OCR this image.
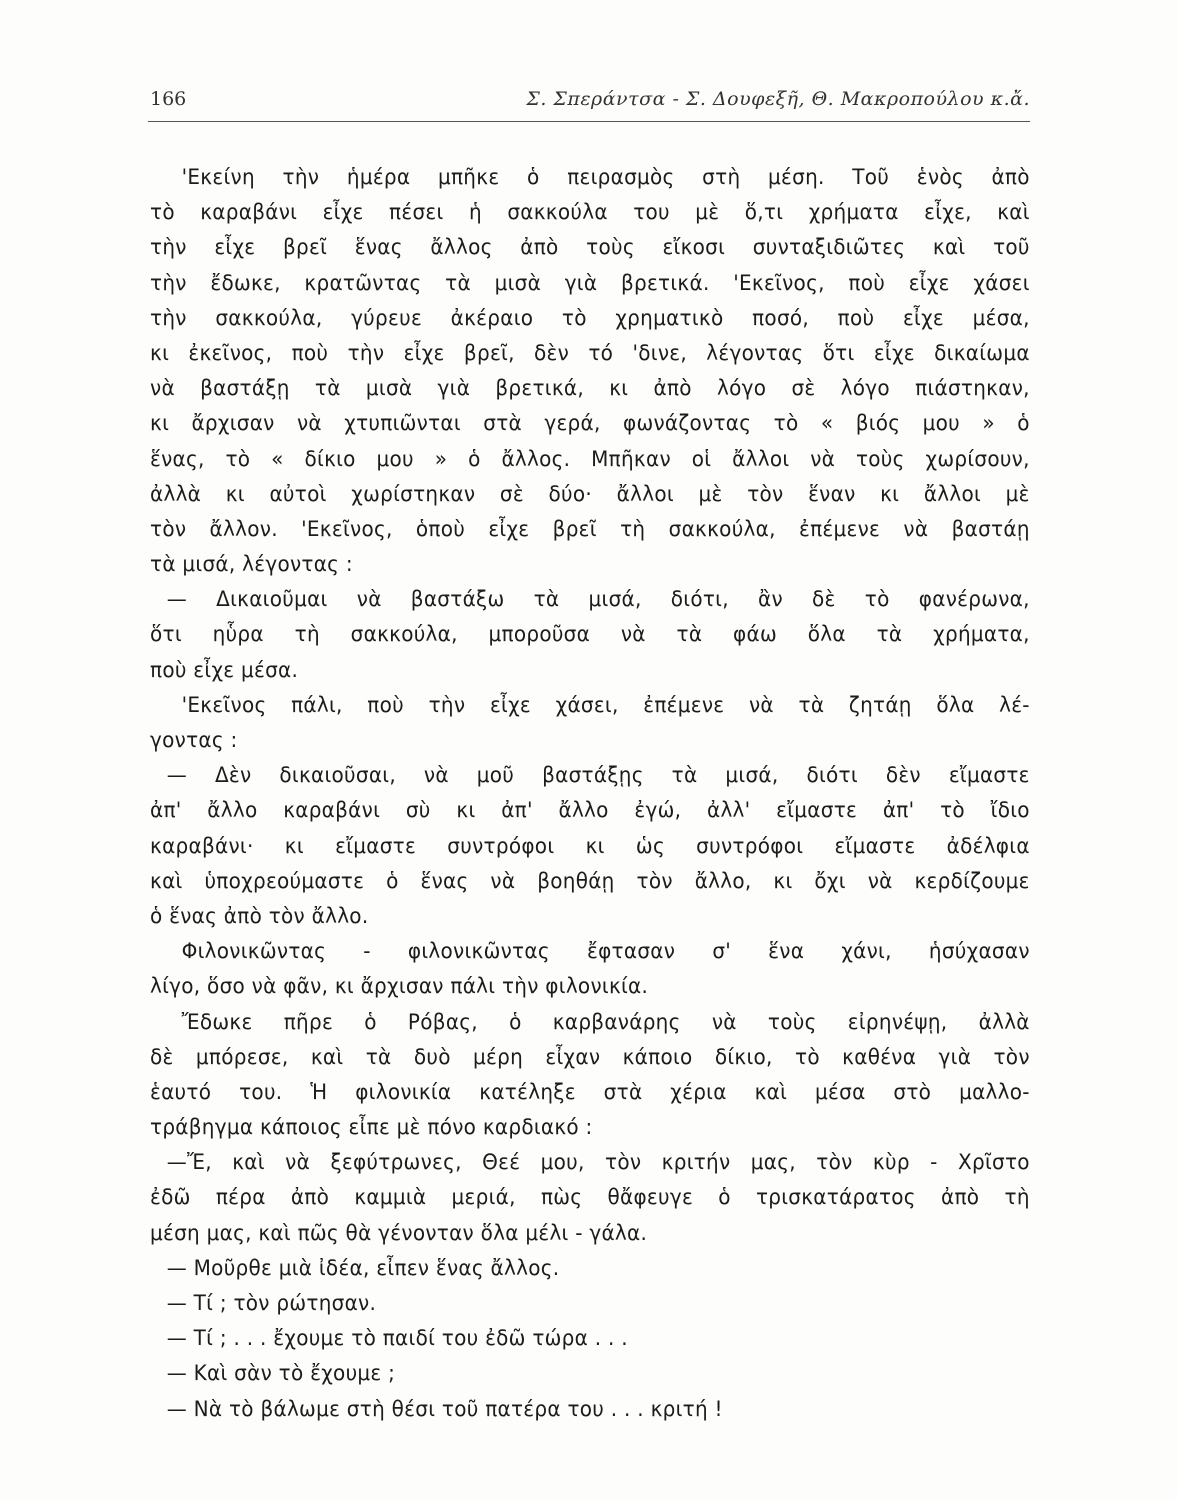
166	Σ. Σπεράντσα - Σ. Δουφεξῆ, Θ. Μακροπούλου κ.ἄ.
'Εκείνη τὴν ἡμέρα μπῆκε ὁ πειρασμὸς στὴ μέση. Τοῦ ἑνὸς ἀπὸ
τὸ καραβάνι εἶχε πέσει ἡ σακκούλα του μὲ ὅ,τι χρήματα εἶχε, καὶ
τὴν εἶχε βρεῖ ἕνας ἄλλος ἀπὸ τοὺς εἴκοσι συνταξιδιῶτες καὶ τοῦ
τὴν ἔδωκε, κρατῶντας τὰ μισὰ γιὰ βρετικά. 'Εκεῖνος, ποὺ εἶχε χάσει
τὴν σακκούλα, γύρευε ἀκέραιο τὸ χρηματικὸ ποσό, ποὺ εἶχε μέσα,
κι ἐκεῖνος, ποὺ τὴν εἶχε βρεῖ, δὲν τό 'δινε, λέγοντας ὅτι εἶχε δικαίωμα
νὰ βαστάξῃ τὰ μισὰ γιὰ βρετικά, κι ἀπὸ λόγο σὲ λόγο πιάστηκαν,
κι ἄρχισαν νὰ χτυπιῶνται στὰ γερά, φωνάζοντας τὸ « βιός μου » ὁ
ἕνας, τὸ « δίκιο μου » ὁ ἄλλος. Μπῆκαν οἱ ἄλλοι νὰ τοὺς χωρίσουν,
ἀλλὰ κι αὐτοὶ χωρίστηκαν σὲ δύο· ἄλλοι μὲ τὸν ἕναν κι ἄλλοι μὲ
τὸν ἄλλον. 'Εκεῖνος, ὁποὺ εἶχε βρεῖ τὴ σακκούλα, ἐπέμενε νὰ βαστάῃ
τὰ μισά, λέγοντας :
— Δικαιοῦμαι νὰ βαστάξω τὰ μισά, διότι, ἂν δὲ τὸ φανέρωνα,
ὅτι ηὗρα τὴ σακκούλα, μποροῦσα νὰ τὰ φάω ὅλα τὰ χρήματα,
ποὺ εἶχε μέσα.
'Εκεῖνος πάλι, ποὺ τὴν εἶχε χάσει, ἐπέμενε νὰ τὰ ζητάῃ ὅλα λέ-
γοντας :
— Δὲν δικαιοῦσαι, νὰ μοῦ βαστάξῃς τὰ μισά, διότι δὲν εἴμαστε
ἀπ' ἄλλο καραβάνι σὺ κι ἀπ' ἄλλο ἐγώ, ἀλλ' εἴμαστε ἀπ' τὸ ἴδιο
καραβάνι· κι εἴμαστε συντρόφοι κι ὡς συντρόφοι εἴμαστε ἀδέλφια
καὶ ὑποχρεούμαστε ὁ ἕνας νὰ βοηθάῃ τὸν ἄλλο, κι ὄχι νὰ κερδίζουμε
ὁ ἕνας ἀπὸ τὸν ἄλλο.
Φιλονικῶντας - φιλονικῶντας ἔφτασαν σ' ἕνα χάνι, ἡσύχασαν
λίγο, ὅσο νὰ φᾶν, κι ἄρχισαν πάλι τὴν φιλονικία.
Ἔδωκε πῆρε ὁ Ρόβας, ὁ καρβανάρης νὰ τοὺς εἰρηνέψῃ, ἀλλὰ
δὲ μπόρεσε, καὶ τὰ δυὸ μέρη εἶχαν κάποιο δίκιο, τὸ καθένα γιὰ τὸν
ἑαυτό του. Ἡ φιλονικία κατέληξε στὰ χέρια καὶ μέσα στὸ μαλλο-
τράβηγμα κάποιος εἶπε μὲ πόνο καρδιακό :
—Ἔ, καὶ νὰ ξεφύτρωνες, Θεέ μου, τὸν κριτήν μας, τὸν κὺρ - Χρῖστο
ἐδῶ πέρα ἀπὸ καμμιὰ μεριά, πὼς θἄφευγε ὁ τρισκατάρατος ἀπὸ τὴ
μέση μας, καὶ πῶς θὰ γένονταν ὅλα μέλι - γάλα.
— Μοῦρθε μιὰ ἰδέα, εἶπεν ἕνας ἄλλος.
— Τί ; τὸν ρώτησαν.
— Τί ; . . . ἔχουμε τὸ παιδί του ἐδῶ τώρα . . .
— Καὶ σὰν τὸ ἔχουμε ;
— Νὰ τὸ βάλωμε στὴ θέσι τοῦ πατέρα του . . . κριτή !
